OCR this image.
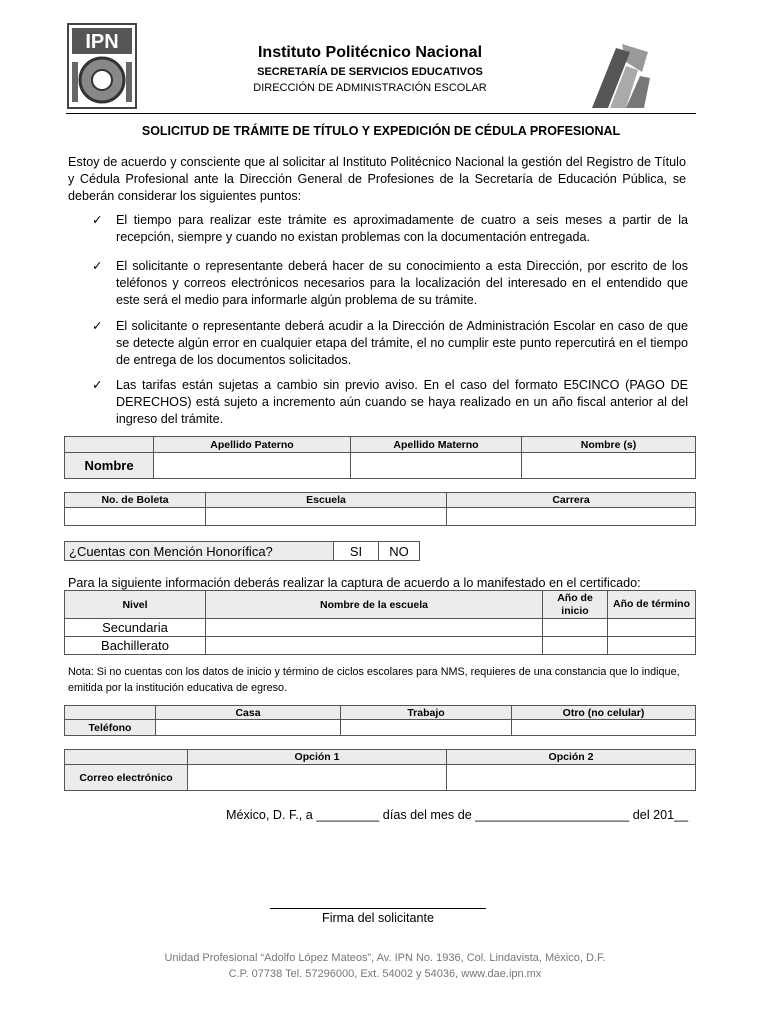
IPN	Instituto Politécnico Nacional
SECRETARÍA DE SERVICIOS EDUCATIVOS
DIRECCIÓN DE ADMINISTRACIÓN ESCOLAR
SOLICITUD DE TRÁMITE DE TÍTULO Y EXPEDICIÓN DE CÉDULA PROFESIONAL
Estoy de acuerdo y consciente que al solicitar al Instituto Politécnico Nacional la gestión del Registro de Título y Cédula Profesional ante la Dirección General de Profesiones de la Secretaría de Educación Pública, se deberán considerar los siguientes puntos:
✓ El tiempo para realizar este trámite es aproximadamente de cuatro a seis meses a partir de la recepción, siempre y cuando no existan problemas con la documentación entregada.
✓ El solicitante o representante deberá hacer de su conocimiento a esta Dirección, por escrito de los teléfonos y correos electrónicos necesarios para la localización del interesado en el entendido que este será el medio para informarle algún problema de su trámite.
✓ El solicitante o representante deberá acudir a la Dirección de Administración Escolar en caso de que se detecte algún error en cualquier etapa del trámite, el no cumplir este punto repercutirá en el tiempo de entrega de los documentos solicitados.
✓ Las tarifas están sujetas a cambio sin previo aviso. En el caso del formato E5CINCO (PAGO DE DERECHOS) está sujeto a incremento aún cuando se haya realizado en un año fiscal anterior al del ingreso del trámite.
	Apellido Paterno	Apellido Materno	Nombre (s)
Nombre			
No. de Boleta	Escuela	Carrera

¿Cuentas con Mención Honorífica?	SI	NO
Para la siguiente información deberás realizar la captura de acuerdo a lo manifestado en el certificado:
Nivel	Nombre de la escuela	Año de inicio	Año de término
Secundaria			
Bachillerato			
Nota: Si no cuentas con los datos de inicio y término de ciclos escolares para NMS, requieres de una constancia que lo indique, emitida por la institución educativa de egreso.
	Casa	Trabajo	Otro (no celular)
Teléfono			
	Opción 1	Opción 2
Correo electrónico		
México, D. F., a _________ días del mes de ______________________ del 201__
Firma del solicitante
Unidad Profesional “Adolfo López Mateos”, Av. IPN No. 1936, Col. Lindavista, México, D.F.
C.P. 07738 Tel. 57296000, Ext. 54002 y 54036, www.dae.ipn.mx
